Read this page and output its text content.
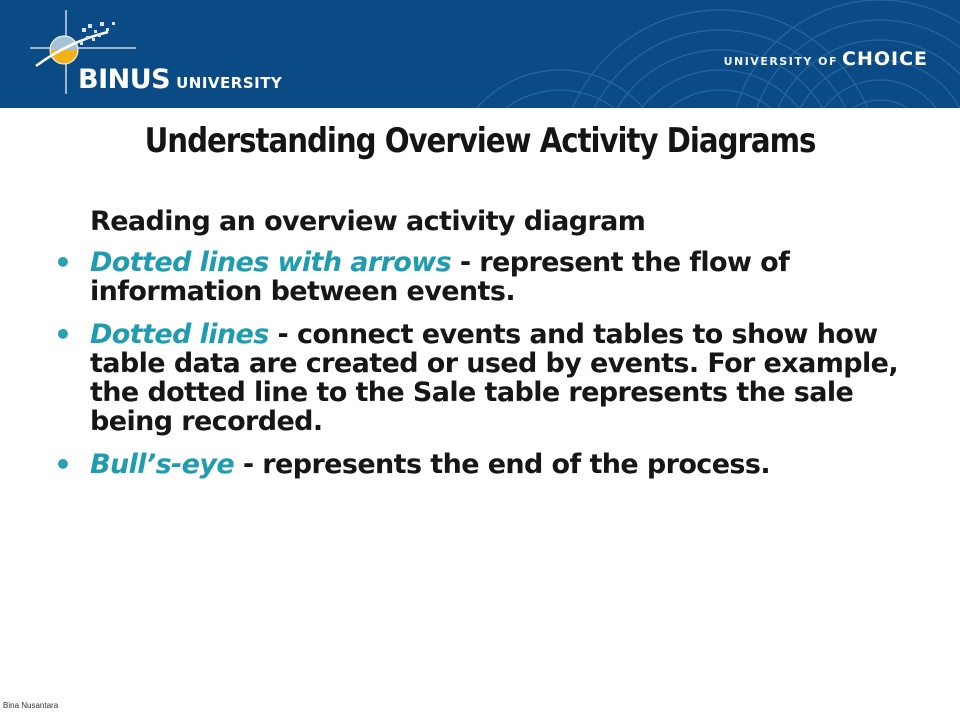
BINUS UNIVERSITY
UNIVERSITY OF CHOICE
Understanding Overview Activity Diagrams
Reading an overview activity diagram
• Dotted lines with arrows - represent the flow of information between events.
• Dotted lines - connect events and tables to show how table data are created or used by events. For example, the dotted line to the Sale table represents the sale being recorded.
• Bull’s-eye - represents the end of the process.
Bina Nusantara
